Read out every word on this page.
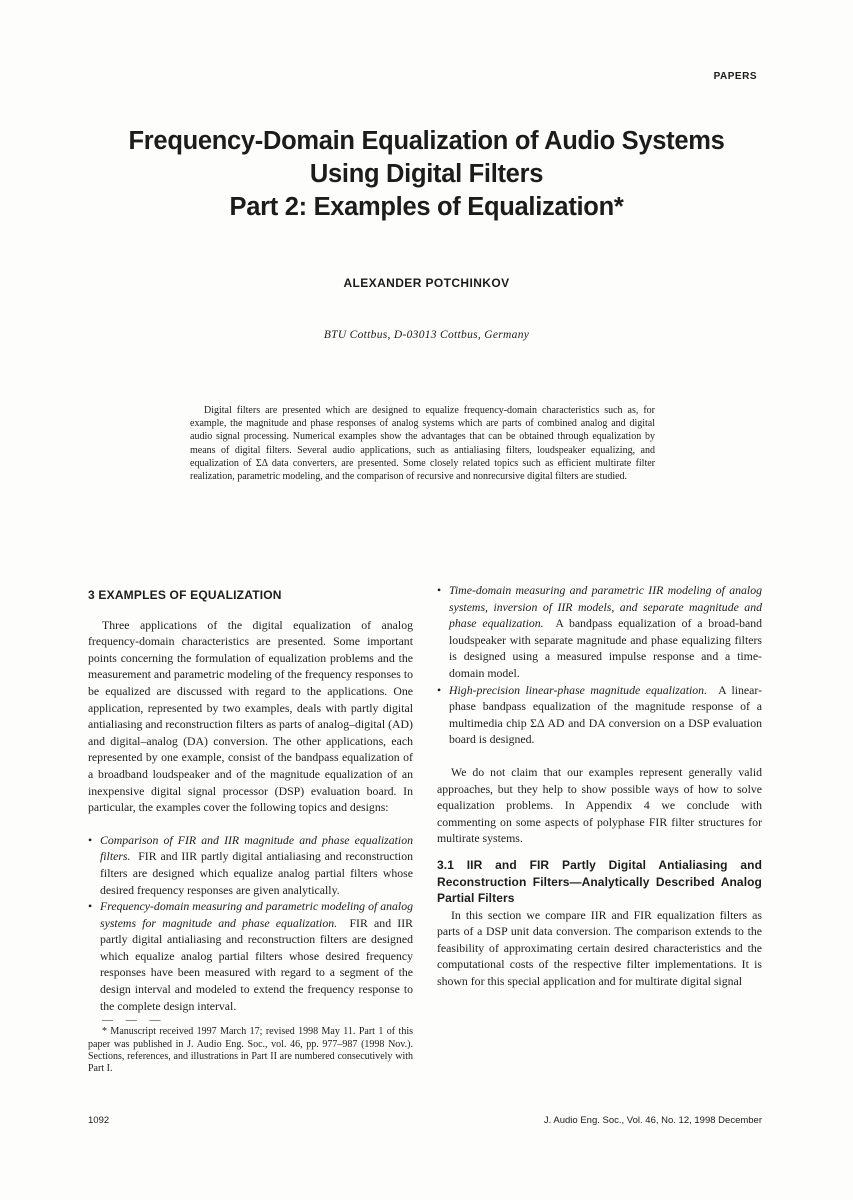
PAPERS
Frequency-Domain Equalization of Audio Systems
Using Digital Filters
Part 2: Examples of Equalization*
ALEXANDER POTCHINKOV
BTU Cottbus, D-03013 Cottbus, Germany

Digital filters are presented which are designed to equalize frequency-domain characteristics such as, for example, the magnitude and phase responses of analog systems which are parts of combined analog and digital audio signal processing. Numerical examples show the advantages that can be obtained through equalization by means of digital filters. Several audio applications, such as antialiasing filters, loudspeaker equalizing, and equalization of ΣΔ data converters, are presented. Some closely related topics such as efficient multirate filter realization, parametric modeling, and the comparison of recursive and nonrecursive digital filters are studied.

3 EXAMPLES OF EQUALIZATION

Three applications of the digital equalization of analog frequency-domain characteristics are presented. Some important points concerning the formulation of equalization problems and the measurement and parametric modeling of the frequency responses to be equalized are discussed with regard to the applications. One application, represented by two examples, deals with partly digital antialiasing and reconstruction filters as parts of analog–digital (AD) and digital–analog (DA) conversion. The other applications, each represented by one example, consist of the bandpass equalization of a broadband loudspeaker and of the magnitude equalization of an inexpensive digital signal processor (DSP) evaluation board. In particular, the examples cover the following topics and designs:

• Comparison of FIR and IIR magnitude and phase equalization filters. FIR and IIR partly digital antialiasing and reconstruction filters are designed which equalize analog partial filters whose desired frequency responses are given analytically.
• Frequency-domain measuring and parametric modeling of analog systems for magnitude and phase equalization. FIR and IIR partly digital antialiasing and reconstruction filters are designed which equalize analog partial filters whose desired frequency responses have been measured with regard to a segment of the design interval and modeled to extend the frequency response to the complete design interval.
— — —

* Manuscript received 1997 March 17; revised 1998 May 11. Part 1 of this paper was published in J. Audio Eng. Soc., vol. 46, pp. 977–987 (1998 Nov.). Sections, references, and illustrations in Part II are numbered consecutively with Part I.

• Time-domain measuring and parametric IIR modeling of analog systems, inversion of IIR models, and separate magnitude and phase equalization. A bandpass equalization of a broad-band loudspeaker with separate magnitude and phase equalizing filters is designed using a measured impulse response and a time-domain model.
• High-precision linear-phase magnitude equalization. A linear-phase bandpass equalization of the magnitude response of a multimedia chip ΣΔ AD and DA conversion on a DSP evaluation board is designed.

We do not claim that our examples represent generally valid approaches, but they help to show possible ways of how to solve equalization problems. In Appendix 4 we conclude with commenting on some aspects of polyphase FIR filter structures for multirate systems.

3.1 IIR and FIR Partly Digital Antialiasing and Reconstruction Filters—Analytically Described Analog Partial Filters

In this section we compare IIR and FIR equalization filters as parts of a DSP unit data conversion. The comparison extends to the feasibility of approximating certain desired characteristics and the computational costs of the respective filter implementations. It is shown for this special application and for multirate digital signal

1092	J. Audio Eng. Soc., Vol. 46, No. 12, 1998 December
